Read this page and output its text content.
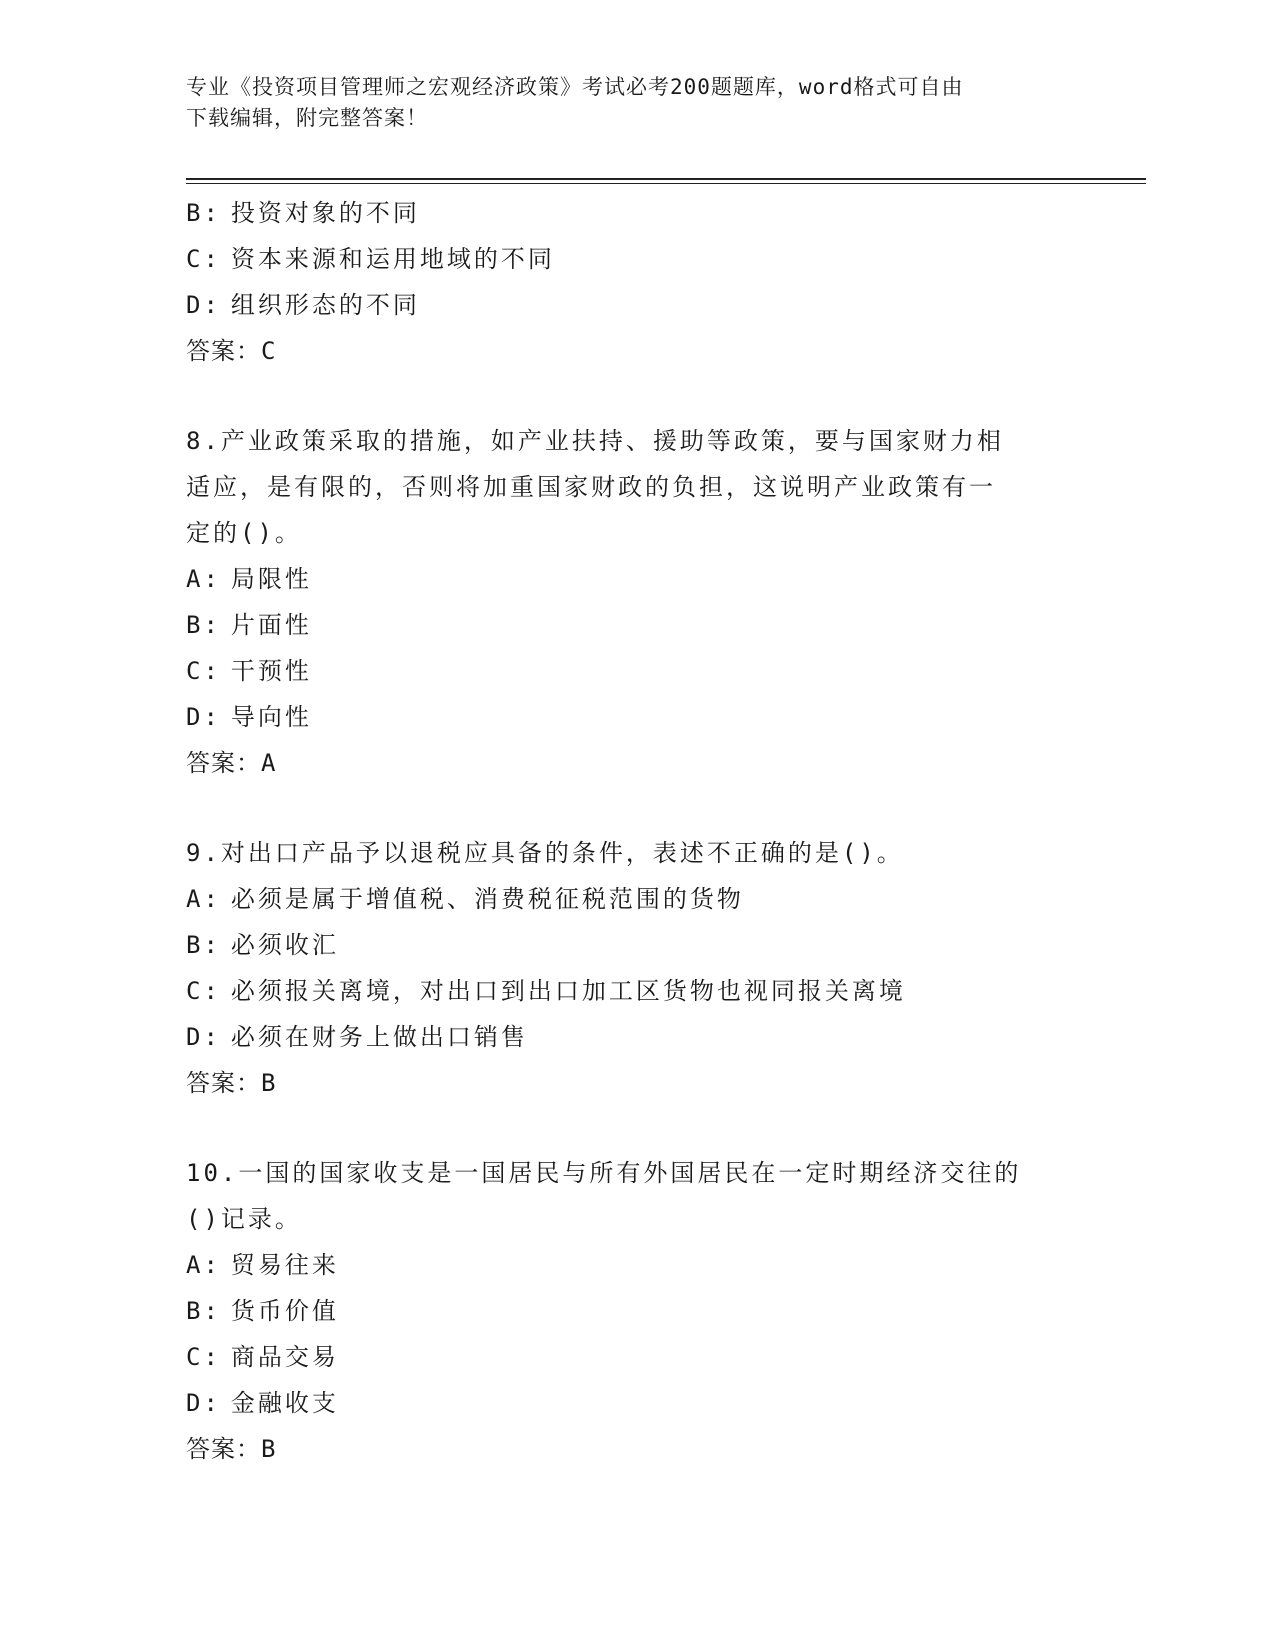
专业《投资项目管理师之宏观经济政策》考试必考200题题库，word格式可自由
下载编辑，附完整答案！
B: 投资对象的不同
C: 资本来源和运用地域的不同
D: 组织形态的不同
答案：C
8.产业政策采取的措施，如产业扶持、援助等政策，要与国家财力相
适应，是有限的，否则将加重国家财政的负担，这说明产业政策有一
定的()。
A: 局限性
B: 片面性
C: 干预性
D: 导向性
答案：A
9.对出口产品予以退税应具备的条件，表述不正确的是()。
A: 必须是属于增值税、消费税征税范围的货物
B: 必须收汇
C: 必须报关离境，对出口到出口加工区货物也视同报关离境
D: 必须在财务上做出口销售
答案：B
10.一国的国家收支是一国居民与所有外国居民在一定时期经济交往的
()记录。
A: 贸易往来
B: 货币价值
C: 商品交易
D: 金融收支
答案：B
